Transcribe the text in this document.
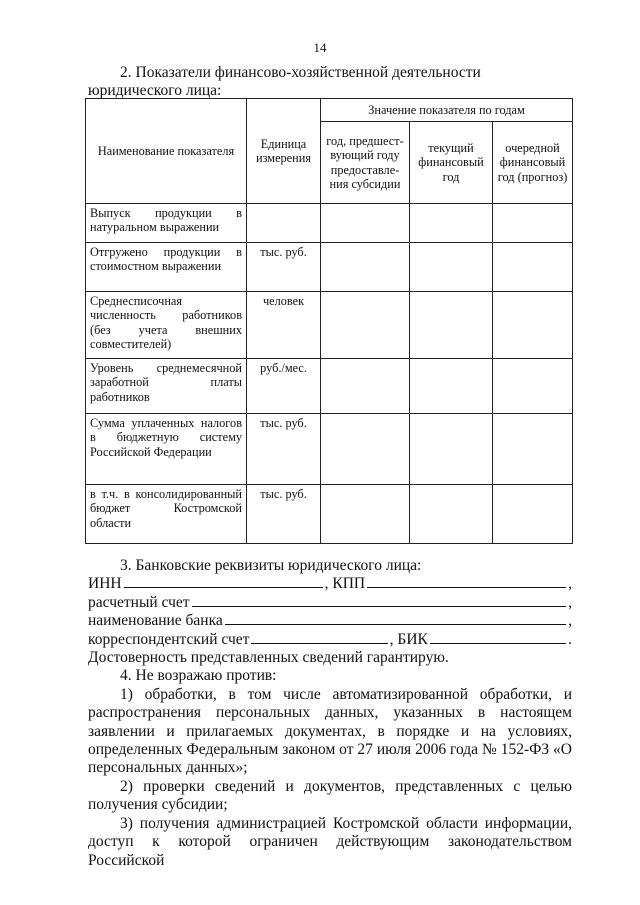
14
2. Показатели финансово-хозяйственной деятельности юридического лица:
Наименование показателя	Единица измерения	Значение показателя по годам		
		год, предшест-вующий году предоставле-ния субсидии	текущий финансовый год	очередной финансовый год (прогноз)
Выпуск продукции в натуральном выражении				
Отгружено продукции в стоимостном выражении	тыс. руб.			
Среднесписочная численность работников (без учета внешних совместителей)	человек			
Уровень среднемесячной заработной платы работников	руб./мес.			
Сумма уплаченных налогов в бюджетную систему Российской Федерации	тыс. руб.			
в т.ч. в консолидированный бюджет Костромской области	тыс. руб.			
3. Банковские реквизиты юридического лица:
ИНН	, КПП	,
расчетный счет	,
наименование банка	,
корреспондентский счет	, БИК	.
Достоверность представленных сведений гарантирую.
4. Не возражаю против:
1) обработки, в том числе автоматизированной обработки, и распространения персональных данных, указанных в настоящем заявлении и прилагаемых документах, в порядке и на условиях, определенных Федеральным законом от 27 июля 2006 года № 152-ФЗ «О персональных данных»;
2) проверки сведений и документов, представленных с целью получения субсидии;
3) получения администрацией Костромской области информации, доступ к которой ограничен действующим законодательством Российской
